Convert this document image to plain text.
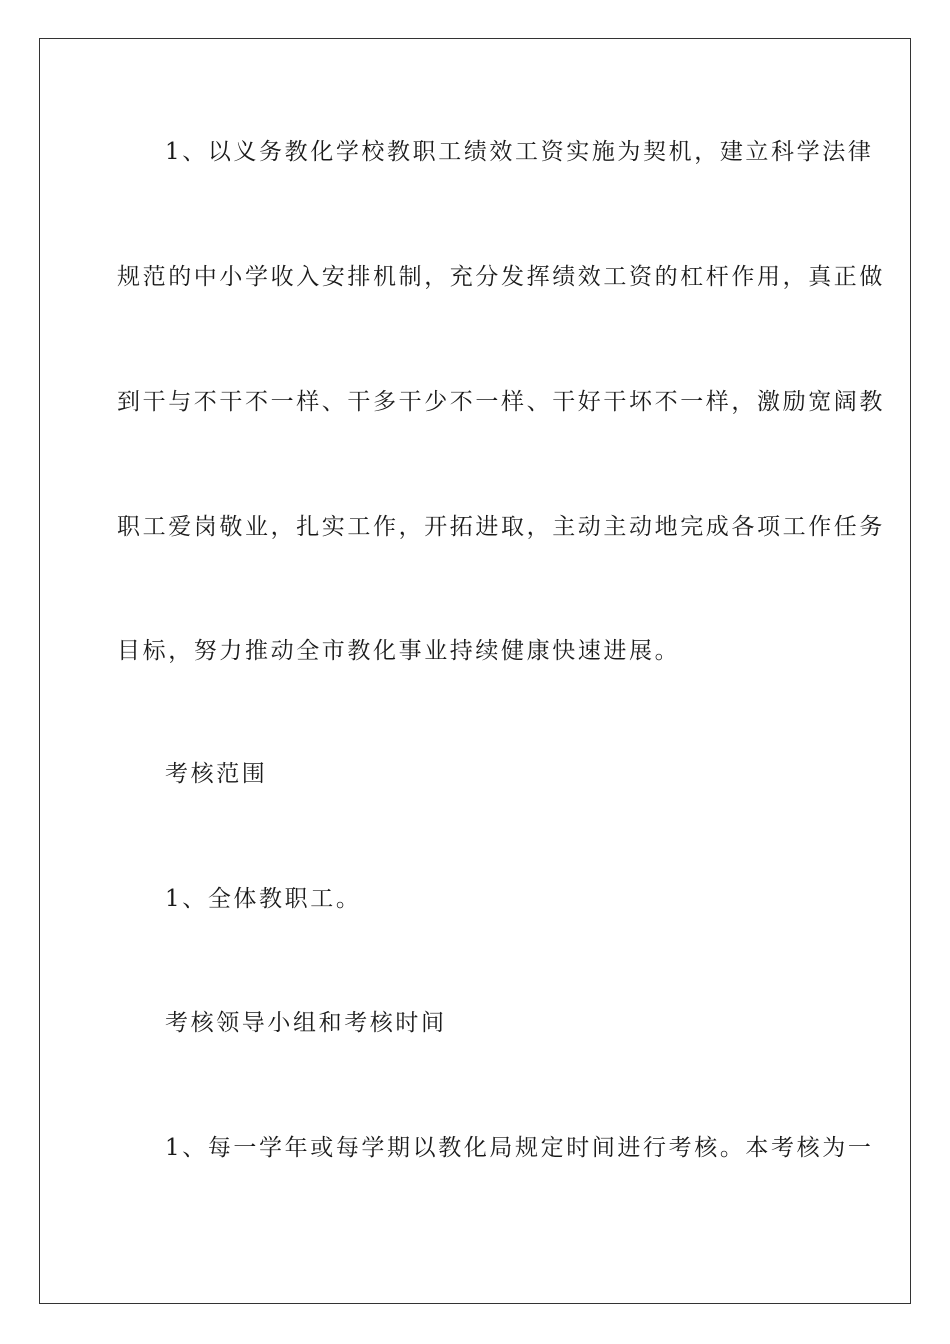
1、以义务教化学校教职工绩效工资实施为契机，建立科学法律
规范的中小学收入安排机制，充分发挥绩效工资的杠杆作用，真正做
到干与不干不一样、干多干少不一样、干好干坏不一样，激励宽阔教
职工爱岗敬业，扎实工作，开拓进取，主动主动地完成各项工作任务
目标，努力推动全市教化事业持续健康快速进展。
考核范围
1、全体教职工。
考核领导小组和考核时间
1、每一学年或每学期以教化局规定时间进行考核。本考核为一
